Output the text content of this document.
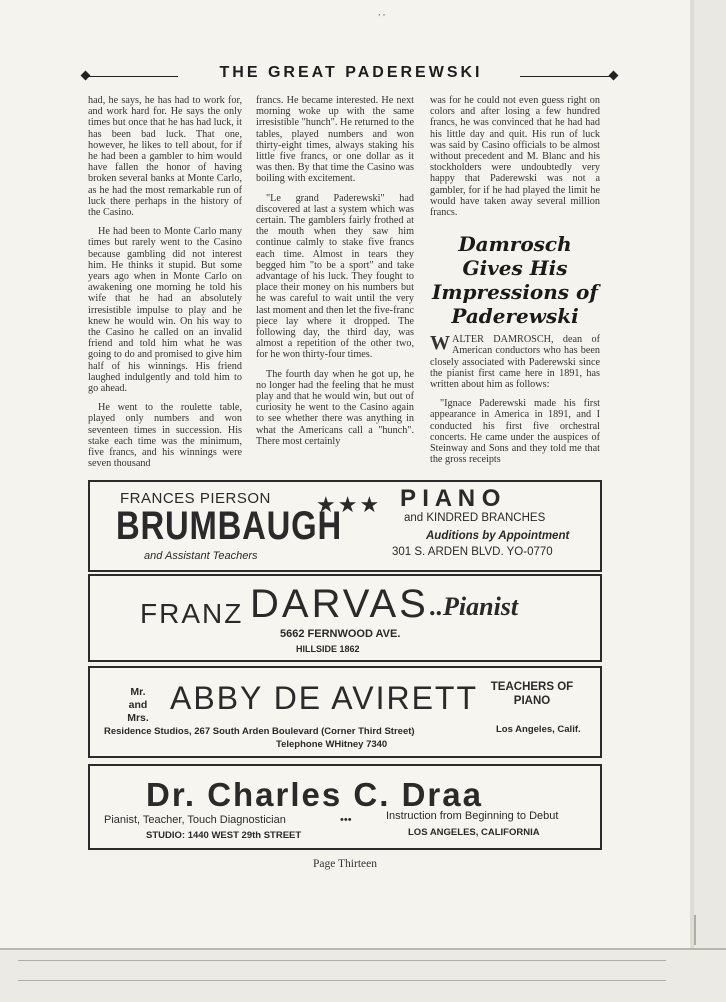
‚ ‚
THE GREAT PADEREWSKI

had, he says, he has had to work for, and work hard for. He says the only times but once that he has had luck, it has been bad luck. That one, however, he likes to tell about, for if he had been a gambler to him would have fallen the honor of having broken several banks at Monte Carlo, as he had the most remarkable run of luck there perhaps in the history of the Casino.

He had been to Monte Carlo many times but rarely went to the Casino because gambling did not interest him. He thinks it stupid. But some years ago when in Monte Carlo on awakening one morning he told his wife that he had an absolutely irresistible impulse to play and he knew he would win. On his way to the Casino he called on an invalid friend and told him what he was going to do and promised to give him half of his winnings. His friend laughed indulgently and told him to go ahead.

He went to the roulette table, played only numbers and won seventeen times in succession. His stake each time was the minimum, five francs, and his winnings were seven thousand

francs. He became interested. He next morning woke up with the same irresistible "hunch". He returned to the tables, played numbers and won thirty-eight times, always staking his little five francs, or one dollar as it was then. By that time the Casino was boiling with excitement.

"Le grand Paderewski" had discovered at last a system which was certain. The gamblers fairly frothed at the mouth when they saw him continue calmly to stake five francs each time. Almost in tears they begged him "to be a sport" and take advantage of his luck. They fought to place their money on his numbers but he was careful to wait until the very last moment and then let the five-franc piece lay where it dropped. The following day, the third day, was almost a repetition of the other two, for he won thirty-four times.

The fourth day when he got up, he no longer had the feeling that he must play and that he would win, but out of curiosity he went to the Casino again to see whether there was anything in what the Americans call a "hunch". There most certainly

was for he could not even guess right on colors and after losing a few hundred francs, he was convinced that he had had his little day and quit. His run of luck was said by Casino officials to be almost without precedent and M. Blanc and his stockholders were undoubtedly very happy that Paderewski was not a gambler, for if he had played the limit he would have taken away several million francs.

Damrosch Gives His Impressions of Paderewski

WALTER DAMROSCH, dean of American conductors who has been closely associated with Paderewski since the pianist first came here in 1891, has written about him as follows:

"Ignace Paderewski made his first appearance in America in 1891, and I conducted his first five orchestral concerts. He came under the auspices of Steinway and Sons and they told me that the gross receipts

FRANCES PIERSON
BRUMBAUGH
★★★ P I A N O
and KINDRED BRANCHES
Auditions by Appointment
301 S. ARDEN BLVD. YO-0770
and Assistant Teachers
FRANZ DARVAS ..Pianist
5662 FERNWOOD AVE.
HILLSIDE 1862
Mr. and Mrs.
ABBY DE AVIRETT TEACHERS OF PIANO
Residence Studios, 267 South Arden Boulevard (Corner Third Street)
Telephone WHitney 7340
Los Angeles, Calif.
Dr. Charles C. Draa
Pianist, Teacher, Touch Diagnostician	•••	Instruction from Beginning to Debut
STUDIO: 1440 WEST 29th STREET	LOS ANGELES, CALIFORNIA
Page Thirteen
